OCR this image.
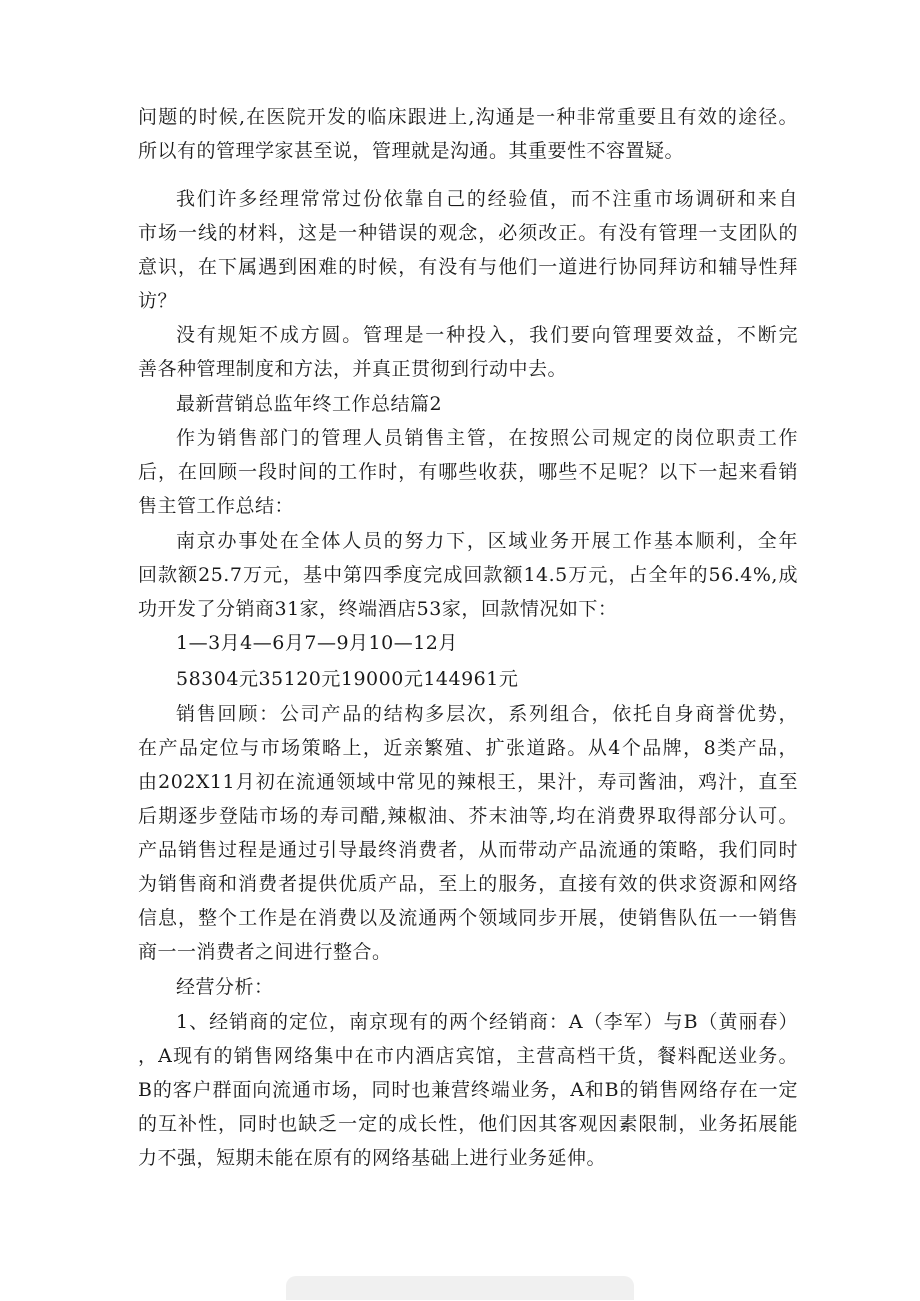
问题的时候,在医院开发的临床跟进上,沟通是一种非常重要且有效的途径。
所以有的管理学家甚至说，管理就是沟通。其重要性不容置疑。
我们许多经理常常过份依靠自己的经验值，而不注重市场调研和来自
市场一线的材料，这是一种错误的观念，必须改正。有没有管理一支团队的
意识，在下属遇到困难的时候，有没有与他们一道进行协同拜访和辅导性拜
访？
没有规矩不成方圆。管理是一种投入，我们要向管理要效益，不断完
善各种管理制度和方法，并真正贯彻到行动中去。
最新营销总监年终工作总结篇2
作为销售部门的管理人员销售主管，在按照公司规定的岗位职责工作
后，在回顾一段时间的工作时，有哪些收获，哪些不足呢？以下一起来看销
售主管工作总结：
南京办事处在全体人员的努力下，区域业务开展工作基本顺利，全年
回款额25.7万元，基中第四季度完成回款额14.5万元，占全年的56.4%,成
功开发了分销商31家，终端酒店53家，回款情况如下：
1—3月4—6月7—9月10—12月
58304元35120元19000元144961元
销售回顾：公司产品的结构多层次，系列组合，依托自身商誉优势，
在产品定位与市场策略上，近亲繁殖、扩张道路。从4个品牌，8类产品，
由202X11月初在流通领域中常见的辣根王，果汁，寿司酱油，鸡汁，直至
后期逐步登陆市场的寿司醋,辣椒油、芥末油等,均在消费界取得部分认可。
产品销售过程是通过引导最终消费者，从而带动产品流通的策略，我们同时
为销售商和消费者提供优质产品，至上的服务，直接有效的供求资源和网络
信息，整个工作是在消费以及流通两个领域同步开展，使销售队伍一一销售
商一一消费者之间进行整合。
经营分析：
1、经销商的定位，南京现有的两个经销商：A（李军）与B（黄丽春）
，A现有的销售网络集中在市内酒店宾馆，主营高档干货，餐料配送业务。
B的客户群面向流通市场，同时也兼营终端业务，A和B的销售网络存在一定
的互补性，同时也缺乏一定的成长性，他们因其客观因素限制，业务拓展能
力不强，短期未能在原有的网络基础上进行业务延伸。
